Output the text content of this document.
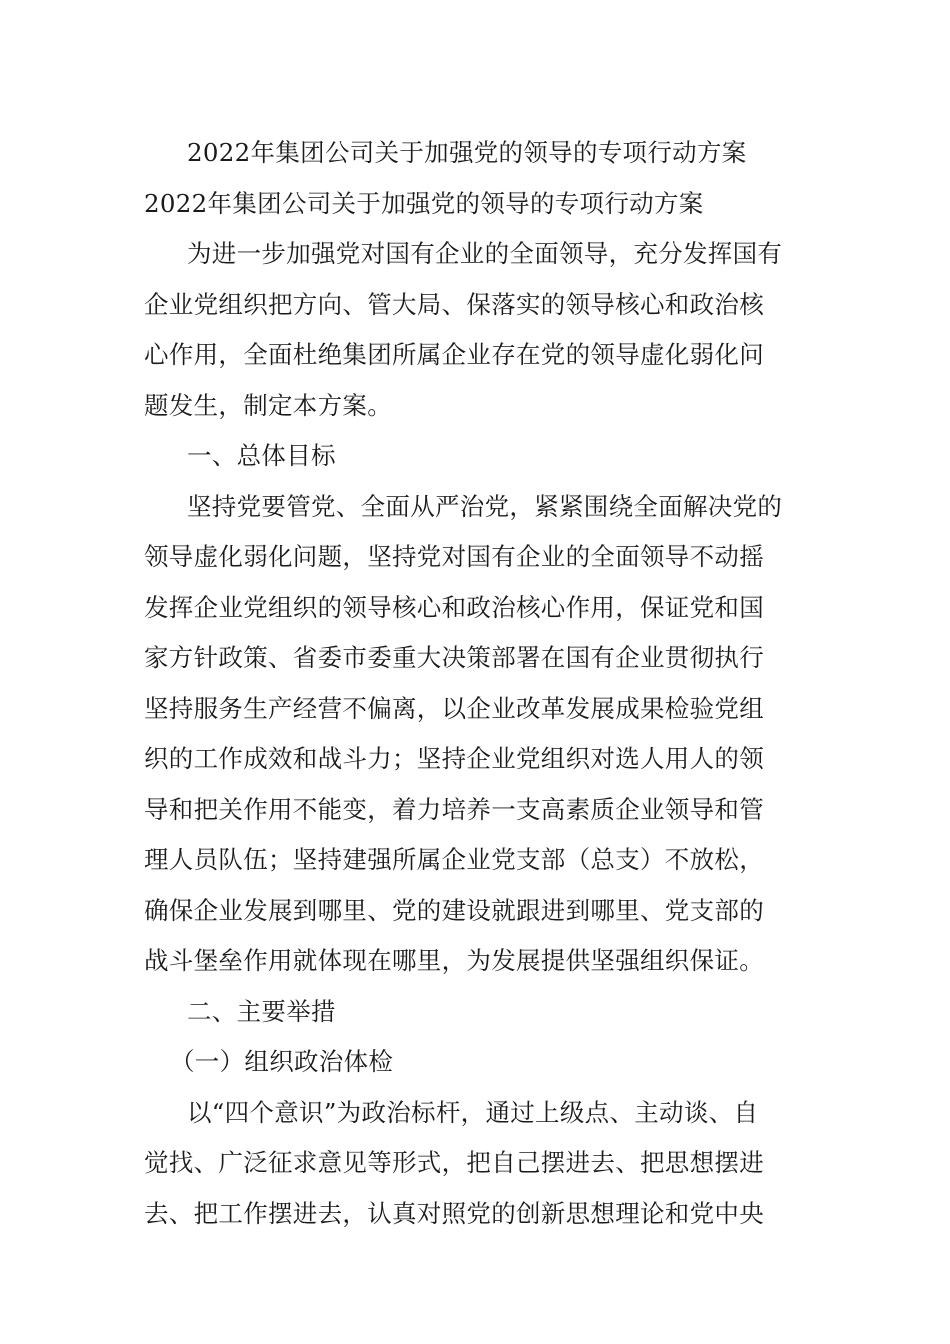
2022年集团公司关于加强党的领导的专项行动方案
2022年集团公司关于加强党的领导的专项行动方案
为进一步加强党对国有企业的全面领导，充分发挥国有
企业党组织把方向、管大局、保落实的领导核心和政治核
心作用，全面杜绝集团所属企业存在党的领导虚化弱化问
题发生，制定本方案。
一、总体目标
坚持党要管党、全面从严治党，紧紧围绕全面解决党的
领导虚化弱化问题，坚持党对国有企业的全面领导不动摇
发挥企业党组织的领导核心和政治核心作用，保证党和国
家方针政策、省委市委重大决策部署在国有企业贯彻执行
坚持服务生产经营不偏离，以企业改革发展成果检验党组
织的工作成效和战斗力；坚持企业党组织对选人用人的领
导和把关作用不能变，着力培养一支高素质企业领导和管
理人员队伍；坚持建强所属企业党支部（总支）不放松，
确保企业发展到哪里、党的建设就跟进到哪里、党支部的
战斗堡垒作用就体现在哪里，为发展提供坚强组织保证。
二、主要举措
（一）组织政治体检
以“四个意识”为政治标杆，通过上级点、主动谈、自
觉找、广泛征求意见等形式，把自己摆进去、把思想摆进
去、把工作摆进去，认真对照党的创新思想理论和党中央
